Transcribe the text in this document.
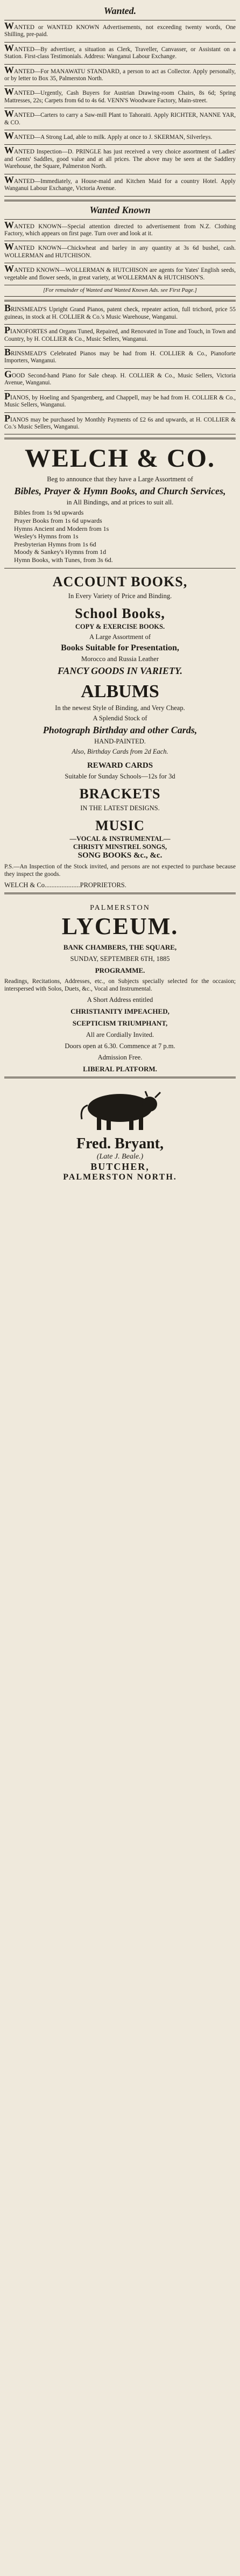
Wanted.
WANTED or WANTED KNOWN Advertisements, not exceeding twenty words, One Shilling, pre-paid.
WANTED—By advertiser, a situation as Clerk, Traveller, Canvasser, or Assistant on a Station. First-class Testimonials. Address: Wanganui Labour Exchange.
WANTED—For MANAWATU STANDARD, a person to act as Collector. Apply personally, or by letter to Box 35, Palmerston North.
WANTED—Urgently, Cash Buyers for Austrian Drawing-room Chairs, 8s 6d; Spring Mattresses, 22s; Carpets from 6d to 4s 6d. VENN'S Woodware Factory, Main-street.
WANTED—Carters to carry a Saw-mill Plant to Tahoraiti. Apply RICHTER, NANNE YAR, & CO.
WANTED—A Strong Lad, able to milk. Apply at once to J. SKERMAN, Silverleys.
WANTED Inspection—D. PRINGLE has just received a very choice assortment of Ladies' and Gents' Saddles, good value and at all prices. The above may be seen at the Saddlery Warehouse, the Square, Palmerston North.
WANTED—Immediately, a House-maid and Kitchen Maid for a country Hotel. Apply Wanganui Labour Exchange, Victoria Avenue.
Wanted Known
WANTED KNOWN—Special attention directed to advertisement from N.Z. Clothing Factory, which appears on first page. Turn over and look at it.
WANTED KNOWN—Chickwheat and barley in any quantity at 3s 6d bushel, cash. WOLLERMAN and HUTCHISON.
WANTED KNOWN—WOLLERMAN & HUTCHISON are agents for Yates' English seeds, vegetable and flower seeds, in great variety, at WOLLERMAN & HUTCHISON'S.
[For remainder of Wanted and Wanted Known Ads. see First Page.]
BRINSMEAD'S Upright Grand Pianos, patent check, repeater action, full trichord, price 55 guineas, in stock at H. COLLIER & Co.'s Music Warehouse, Wanganui.
PIANOFORTES and Organs Tuned, Repaired, and Renovated in Tone and Touch, in Town and Country, by H. COLLIER & Co., Music Sellers, Wanganui.
BRINSMEAD'S Celebrated Pianos may be had from H. COLLIER & Co., Pianoforte Importers, Wanganui.
GOOD Second-hand Piano for Sale cheap. H. COLLIER & Co., Music Sellers, Victoria Avenue, Wanganui.
PIANOS, by Hoeling and Spangenberg, and Chappell, may be had from H. COLLIER & Co., Music Sellers, Wanganui.
PIANOS may be purchased by Monthly Payments of £2 6s and upwards, at H. COLLIER & Co.'s Music Sellers, Wanganui.
WELCH & CO.
Beg to announce that they have a Large Assortment of
Bibles, Prayer & Hymn Books, and Church Services,
in All Bindings, and at prices to suit all.
Bibles from 1s 9d upwards
Prayer Books from 1s 6d upwards
Hymns Ancient and Modern from 1s
Wesley's Hymns from 1s
Presbyterian Hymns from 1s 6d
Moody & Sankey's Hymns from 1d
Hymn Books, with Tunes, from 3s 6d.
ACCOUNT BOOKS,
In Every Variety of Price and Binding.
School Books,
COPY & EXERCISE BOOKS.
A Large Assortment of
Books Suitable for Presentation,
Morocco and Russia Leather
FANCY GOODS IN VARIETY.
ALBUMS
In the newest Style of Binding, and Very Cheap.
A Splendid Stock of
Photograph Birthday and other Cards,
HAND-PAINTED.
Also, Birthday Cards from 2d Each.
REWARD CARDS
Suitable for Sunday Schools—12s for 3d
BRACKETS
IN THE LATEST DESIGNS.
MUSIC
—VOCAL & INSTRUMENTAL—
CHRISTY MINSTREL SONGS,
SONG BOOKS &c., &c.
P.S.—An Inspection of the Stock invited, and persons are not expected to purchase because they inspect the goods.
WELCH & Co.....................PROPRIETORS.
PALMERSTON
LYCEUM.
BANK CHAMBERS, THE SQUARE,
SUNDAY, SEPTEMBER 6TH, 1885
PROGRAMME.
Readings, Recitations, Addresses, etc., on Subjects specially selected for the occasion; interspersed with Solos, Duets, &c., Vocal and Instrumental.
A Short Address entitled
CHRISTIANITY IMPEACHED,
SCEPTICISM TRIUMPHANT,
All are Cordially Invited.
Doors open at 6.30. Commence at 7 p.m.
Admission Free.
LIBERAL PLATFORM.
Fred. Bryant,
(Late J. Beale.)
BUTCHER,
PALMERSTON NORTH.
